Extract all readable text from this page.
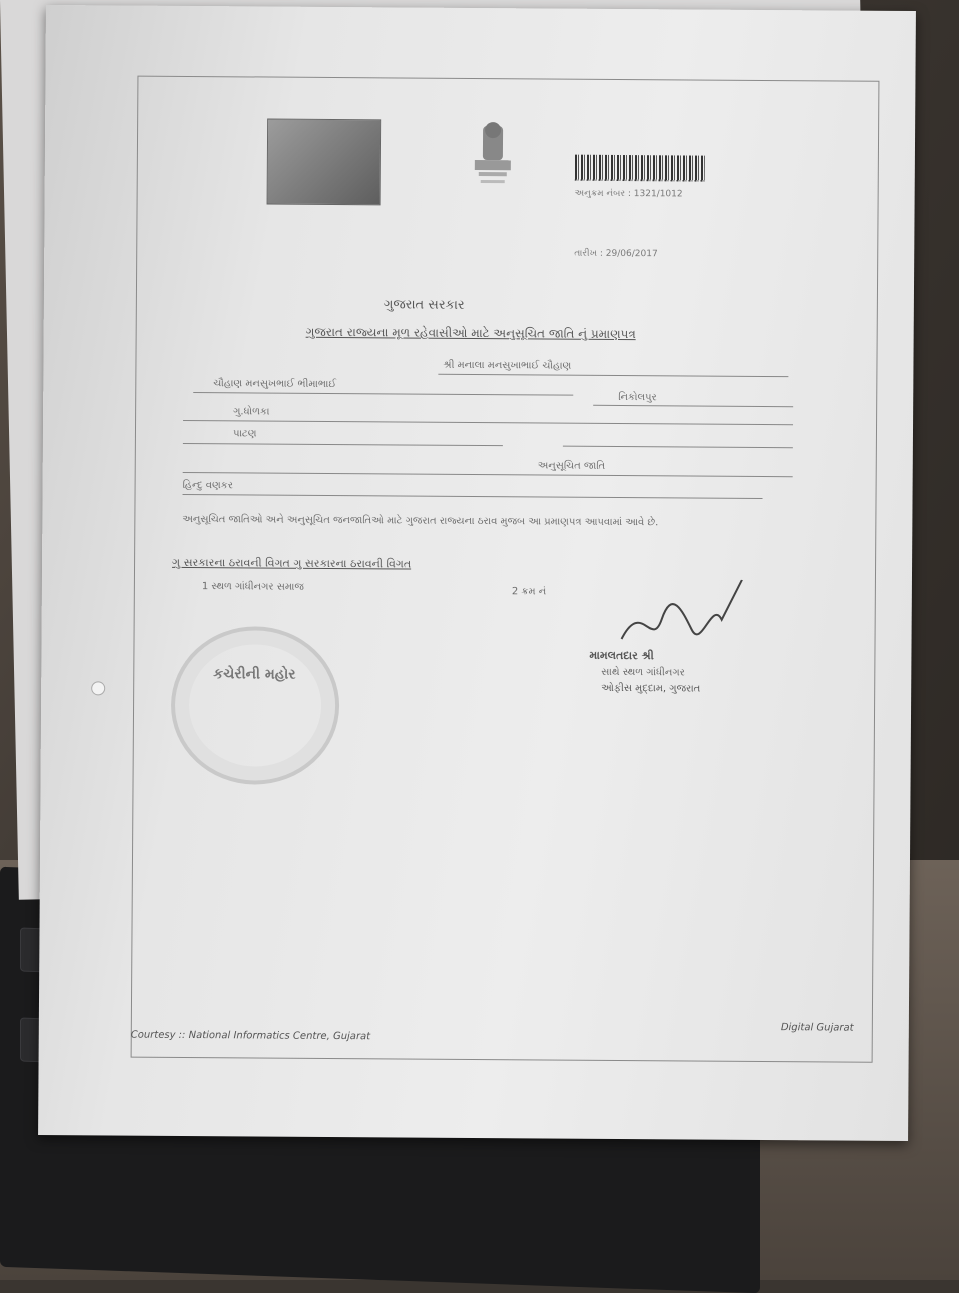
અનુક્રમ નંબર : 1321/1012
તારીખ : 29/06/2017
ગુજરાત સરકાર
ગુજરાત રાજ્યના મૂળ રહેવાસીઓ માટે અનુસૂચિત જાતિ નું પ્રમાણપત્ર
શ્રી મનાલા મનસુખાભાઈ ચૌહાણ
ચૌહાણ મનસુખભાઈ ભીમાભાઈ
નિકોલપુર
ગુ.ધોળકા
પાટણ
અનુસૂચિત જાતિ
હિન્દુ વણકર
અનુસૂચિત જાતિઓ અને અનુસૂચિત જનજાતિઓ માટે ગુજરાત રાજ્યના ઠરાવ મુજબ આ પ્રમાણપત્ર આપવામાં આવે છે.
ગુ સરકારના ઠરાવની વિગત ગુ સરકારના ઠરાવની વિગત
1 સ્થળ ગાંધીનગર સમાજ	2 ક્રમ નં
કચેરીની મહોર
મામલતદાર શ્રી
સાથે સ્થળ ગાંધીનગર
ઓફીસ મુદ્દામ, ગુજરાત
Courtesy :: National Informatics Centre, Gujarat
Digital Gujarat
